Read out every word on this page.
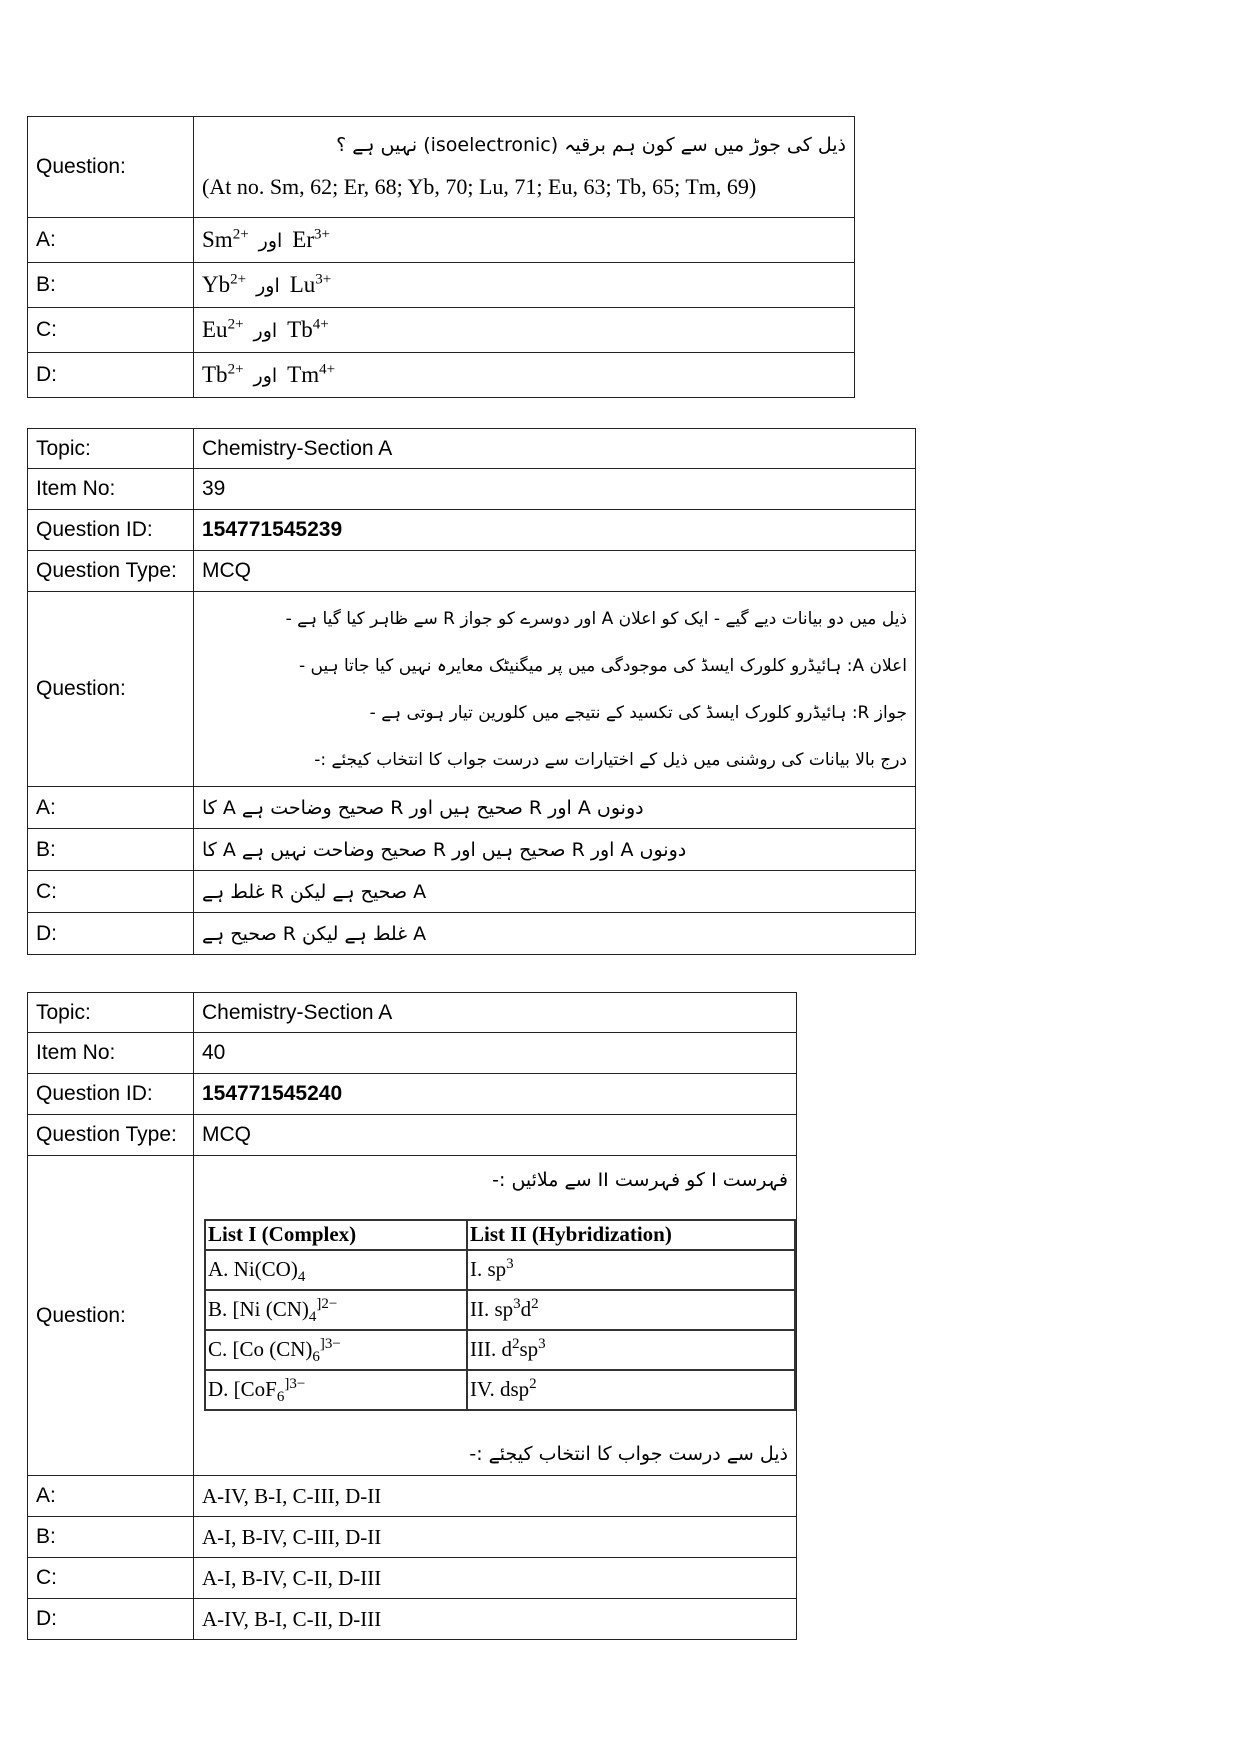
Question:	ذیل کی جوڑ میں سے کون ہم برقیہ (isoelectronic) نہیں ہے ؟
(At no. Sm, 62; Er, 68; Yb, 70; Lu, 71; Eu, 63; Tb, 65; Tm, 69)

A:	$Sm^{2+}$ اور $Er^{3+}$

B:	$Yb^{2+}$ اور $Lu^{3+}$

C:	$Eu^{2+}$ اور $Tb^{4+}$

D:	$Tb^{2+}$ اور $Tm^{4+}$
Topic:	Chemistry-Section A
Item No:	39
Question ID:	154771545239
Question Type:	MCQ
Question:	ذیل میں دو بیانات دیے گیے - ایک کو اعلان A اور دوسرے کو جواز R سے ظاہر کیا گیا ہے -
اعلان A: ہائیڈرو کلورک ایسڈ کی موجودگی میں پر میگنیٹک معایرہ نہیں کیا جاتا ہیں -
جواز R: ہائیڈرو کلورک ایسڈ کی تکسید کے نتیجے میں کلورین تیار ہوتی ہے -
درج بالا بیانات کی روشنی میں ذیل کے اختیارات سے درست جواب کا انتخاب کیجئے :-

A:	دونوں A اور R صحیح ہیں اور R صحیح وضاحت ہے A کا
B:	دونوں A اور R صحیح ہیں اور R صحیح وضاحت نہیں ہے A کا
C:	A صحیح ہے لیکن R غلط ہے
D:	A غلط ہے لیکن R صحیح ہے
Topic:	Chemistry-Section A
Item No:	40
Question ID:	154771545240
Question Type:	MCQ
Question:	
فہرست I کو فہرست II سے ملائیں :-
List I (Complex)	List II (Hybridization)
A. $Ni(CO)_4$	I. $sp^3$
B. [Ni $(CN)_4^{]2-}$	II. $sp^3d^2$
C. [Co $(CN)_6^{]3-}$	III. $d^2sp^3$
D. [CoF$_6^{]3-}$	IV. dsp$^2$
ذیل سے درست جواب کا انتخاب کیجئے :-

A:	A-IV, B-I, C-III, D-II
B:	A-I, B-IV, C-III, D-II
C:	A-I, B-IV, C-II, D-III
D:	A-IV, B-I, C-II, D-III
